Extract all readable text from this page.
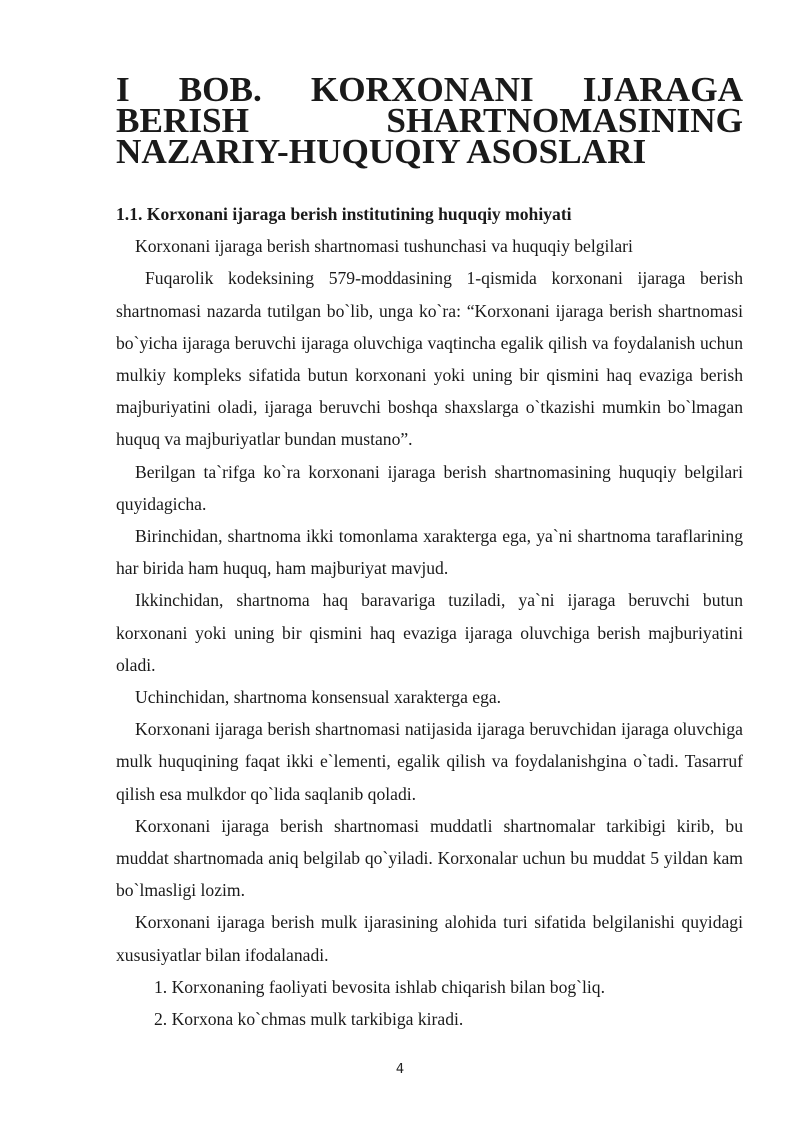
I BOB. KORXONANI IJARAGA BERISH SHARTNOMASINING
NAZARIY-HUQUQIY ASOSLARI
1.1. Korxonani ijaraga berish institutining huquqiy mohiyati

Korxonani ijaraga berish shartnomasi tushunchasi va huquqiy belgilari

Fuqarolik kodeksining 579-moddasining 1-qismida korxonani ijaraga berish shartnomasi nazarda tutilgan bo`lib, unga ko`ra: “Korxonani ijaraga berish shartnomasi bo`yicha ijaraga beruvchi ijaraga oluvchiga vaqtincha egalik qilish va foydalanish uchun mulkiy kompleks sifatida butun korxonani yoki uning bir qismini haq evaziga berish majburiyatini oladi, ijaraga beruvchi boshqa shaxslarga o`tkazishi mumkin bo`lmagan huquq va majburiyatlar bundan mustano”.

Berilgan ta`rifga ko`ra korxonani ijaraga berish shartnomasining huquqiy belgilari quyidagicha.

Birinchidan, shartnoma ikki tomonlama xarakterga ega, ya`ni shartnoma taraflarining har birida ham huquq, ham majburiyat mavjud.

Ikkinchidan, shartnoma haq baravariga tuziladi, ya`ni ijaraga beruvchi butun korxonani yoki uning bir qismini haq evaziga ijaraga oluvchiga berish majburiyatini oladi.

Uchinchidan, shartnoma konsensual xarakterga ega.

Korxonani ijaraga berish shartnomasi natijasida ijaraga beruvchidan ijaraga oluvchiga mulk huquqining faqat ikki e`lementi, egalik qilish va foydalanishgina o`tadi. Tasarruf qilish esa mulkdor qo`lida saqlanib qoladi.

Korxonani ijaraga berish shartnomasi muddatli shartnomalar tarkibigi kirib, bu muddat shartnomada aniq belgilab qo`yiladi. Korxonalar uchun bu muddat 5 yildan kam bo`lmasligi lozim.

Korxonani ijaraga berish mulk ijarasining alohida turi sifatida belgilanishi quyidagi xususiyatlar bilan ifodalanadi.

1. Korxonaning faoliyati bevosita ishlab chiqarish bilan bog`liq.
2. Korxona ko`chmas mulk tarkibiga kiradi.
4
